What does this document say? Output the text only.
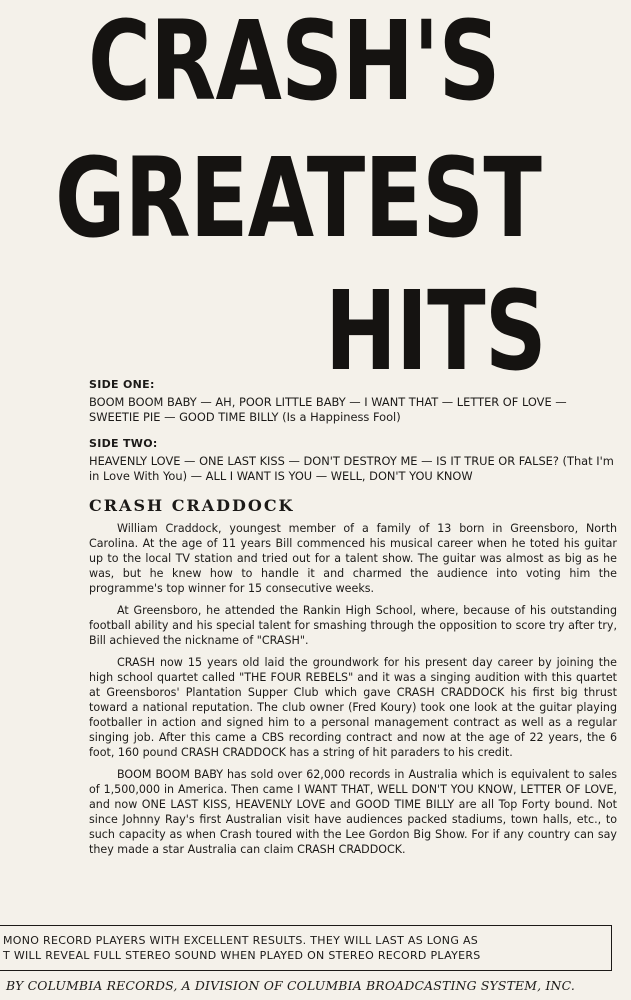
CRASH'S
GREATEST
HITS
SIDE ONE:

BOOM BOOM BABY — AH, POOR LITTLE BABY — I WANT THAT — LETTER OF LOVE — SWEETIE PIE — GOOD TIME BILLY (Is a Happiness Fool)

SIDE TWO:

HEAVENLY LOVE — ONE LAST KISS — DON'T DESTROY ME — IS IT TRUE OR FALSE? (That I'm in Love With You) — ALL I WANT IS YOU — WELL, DON'T YOU KNOW

CRASH CRADDOCK

William Craddock, youngest member of a family of 13 born in Greensboro, North Carolina. At the age of 11 years Bill commenced his musical career when he toted his guitar up to the local TV station and tried out for a talent show. The guitar was almost as big as he was, but he knew how to handle it and charmed the audience into voting him the programme's top winner for 15 consecutive weeks.

At Greensboro, he attended the Rankin High School, where, because of his outstanding football ability and his special talent for smashing through the opposition to score try after try, Bill achieved the nickname of "CRASH".

CRASH now 15 years old laid the groundwork for his present day career by joining the high school quartet called "THE FOUR REBELS" and it was a singing audition with this quartet at Greensboros' Plantation Supper Club which gave CRASH CRADDOCK his first big thrust toward a national reputation. The club owner (Fred Koury) took one look at the guitar playing footballer in action and signed him to a personal management contract as well as a regular singing job. After this came a CBS recording contract and now at the age of 22 years, the 6 foot, 160 pound CRASH CRADDOCK has a string of hit paraders to his credit.

BOOM BOOM BABY has sold over 62,000 records in Australia which is equivalent to sales of 1,500,000 in America. Then came I WANT THAT, WELL DON'T YOU KNOW, LETTER OF LOVE, and now ONE LAST KISS, HEAVENLY LOVE and GOOD TIME BILLY are all Top Forty bound. Not since Johnny Ray's first Australian visit have audiences packed stadiums, town halls, etc., to such capacity as when Crash toured with the Lee Gordon Big Show. For if any country can say they made a star Australia can claim CRASH CRADDOCK.

MONO RECORD PLAYERS WITH EXCELLENT RESULTS. THEY WILL LAST AS LONG AS
T WILL REVEAL FULL STEREO SOUND WHEN PLAYED ON STEREO RECORD PLAYERS
BY COLUMBIA RECORDS, A DIVISION OF COLUMBIA BROADCASTING SYSTEM, INC.
